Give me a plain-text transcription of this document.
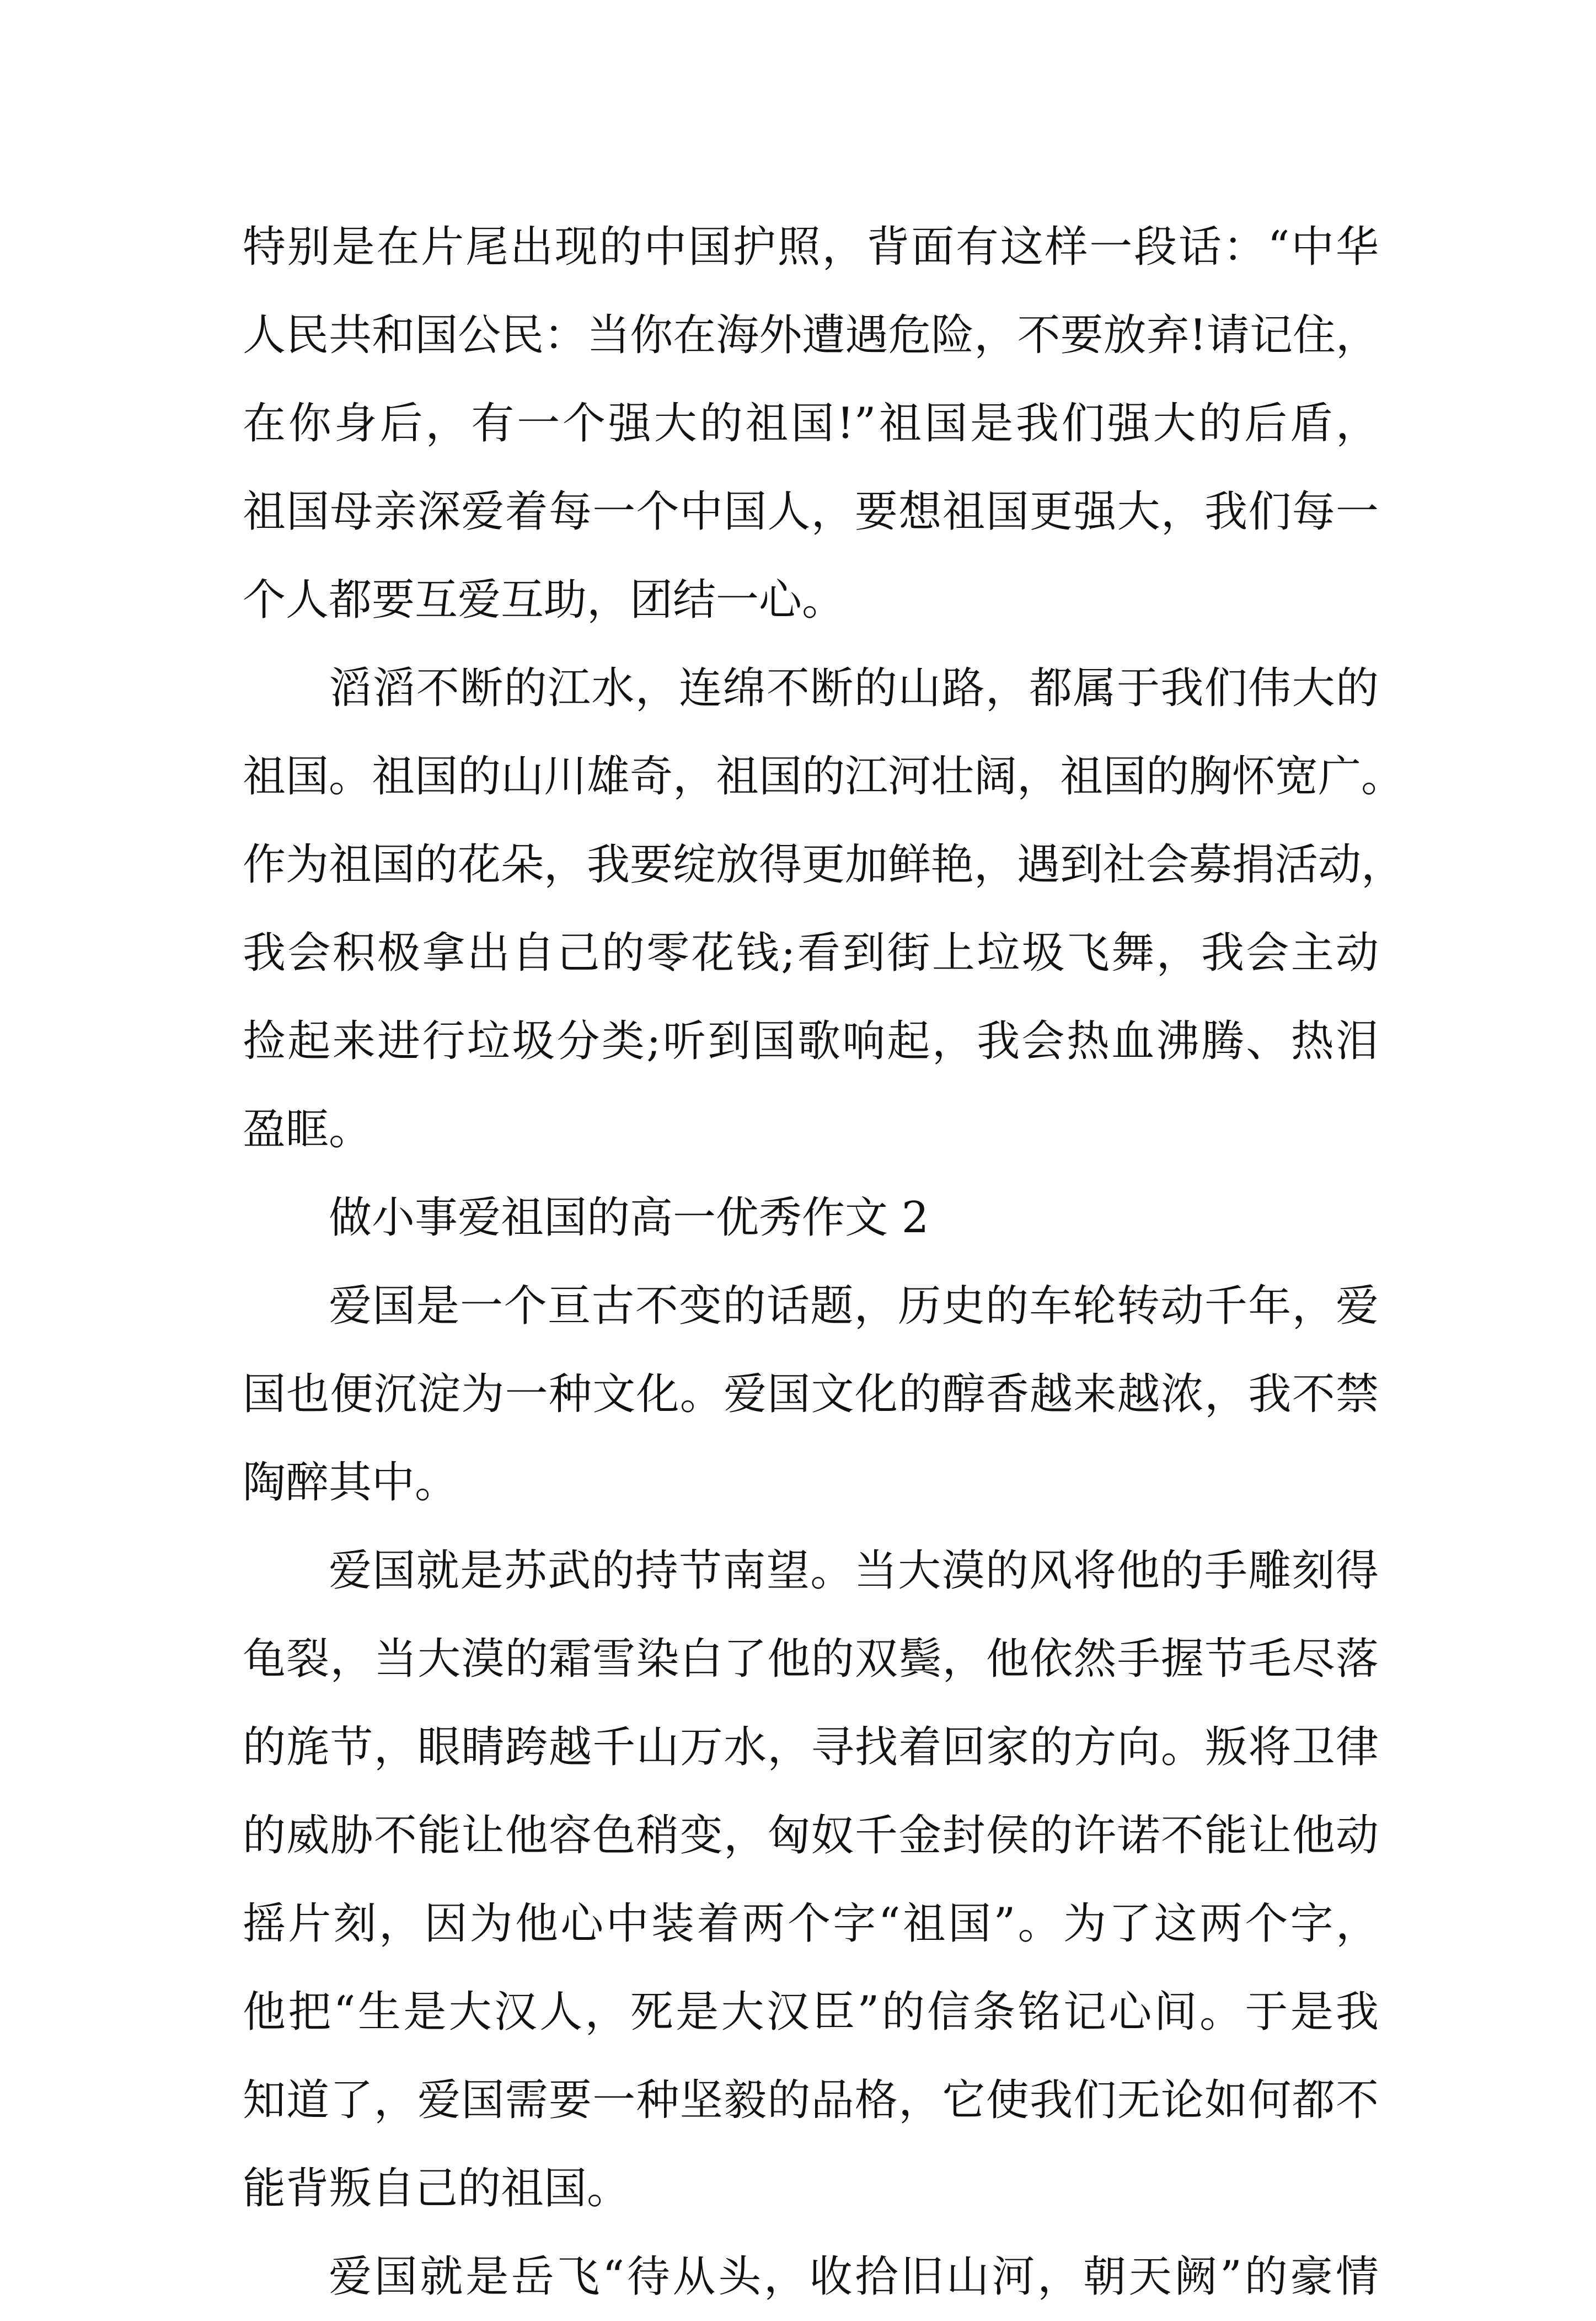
特别是在片尾出现的中国护照，背面有这样一段话：“中华
人民共和国公民：当你在海外遭遇危险，不要放弃!请记住，
在你身后，有一个强大的祖国!”祖国是我们强大的后盾，
祖国母亲深爱着每一个中国人，要想祖国更强大，我们每一
个人都要互爱互助，团结一心。
滔滔不断的江水，连绵不断的山路，都属于我们伟大的
祖国。祖国的山川雄奇，祖国的江河壮阔，祖国的胸怀宽广。
作为祖国的花朵，我要绽放得更加鲜艳，遇到社会募捐活动，
我会积极拿出自己的零花钱;看到街上垃圾飞舞，我会主动
捡起来进行垃圾分类;听到国歌响起，我会热血沸腾、热泪
盈眶。
做小事爱祖国的高一优秀作文 2
爱国是一个亘古不变的话题，历史的车轮转动千年，爱
国也便沉淀为一种文化。爱国文化的醇香越来越浓，我不禁
陶醉其中。
爱国就是苏武的持节南望。当大漠的风将他的手雕刻得
龟裂，当大漠的霜雪染白了他的双鬓，他依然手握节毛尽落
的旄节，眼睛跨越千山万水，寻找着回家的方向。叛将卫律
的威胁不能让他容色稍变，匈奴千金封侯的许诺不能让他动
摇片刻，因为他心中装着两个字“祖国”。为了这两个字，
他把“生是大汉人，死是大汉臣”的信条铭记心间。于是我
知道了，爱国需要一种坚毅的品格，它使我们无论如何都不
能背叛自己的祖国。
爱国就是岳飞“待从头，收拾旧山河，朝天阙”的豪情
